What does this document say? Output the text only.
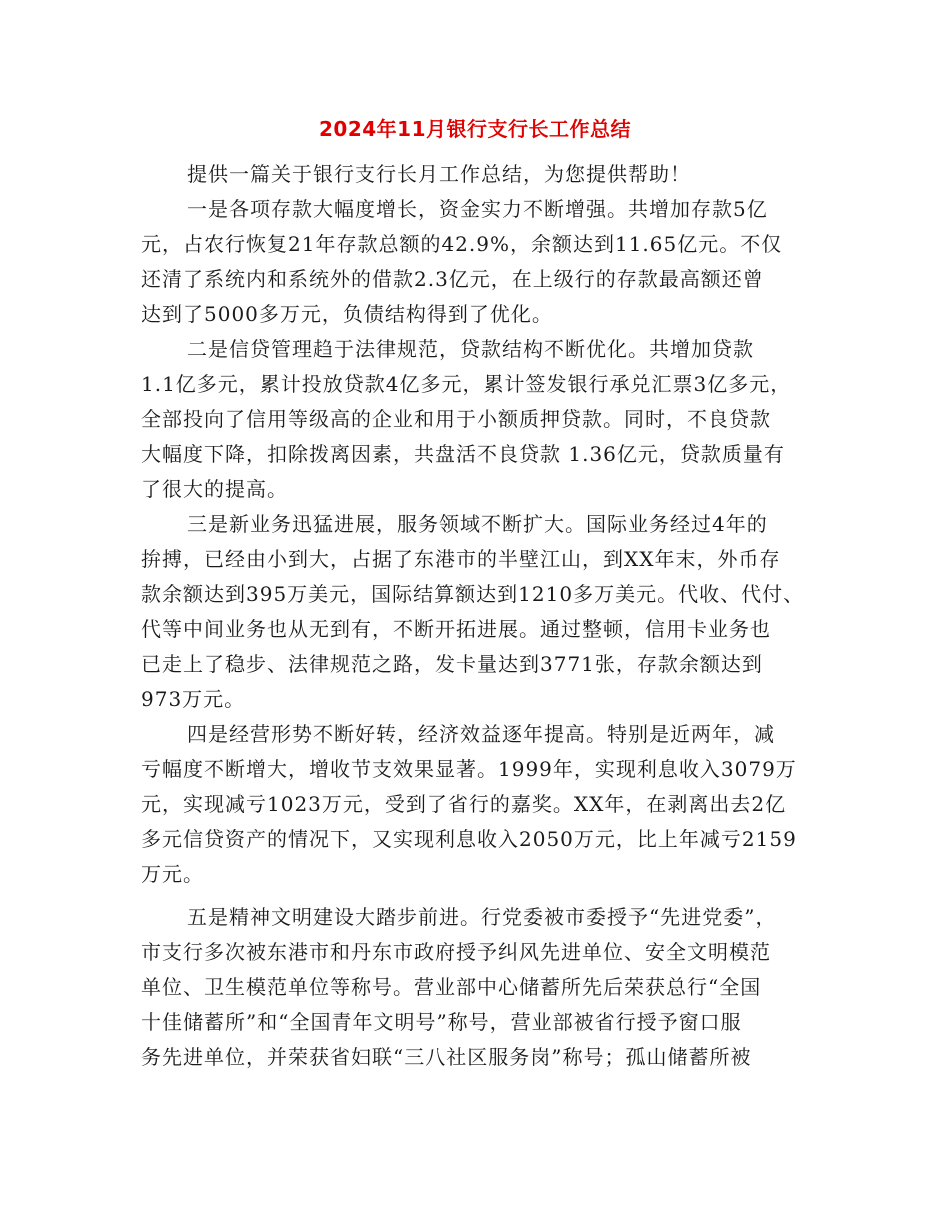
2024年11月银行支行长工作总结
提供一篇关于银行支行长月工作总结，为您提供帮助！
一是各项存款大幅度增长，资金实力不断增强。共增加存款5亿
元，占农行恢复21年存款总额的42.9%，余额达到11.65亿元。不仅
还清了系统内和系统外的借款2.3亿元，在上级行的存款最高额还曾
达到了5000多万元，负债结构得到了优化。
二是信贷管理趋于法律规范，贷款结构不断优化。共增加贷款
1.1亿多元，累计投放贷款4亿多元，累计签发银行承兑汇票3亿多元，
全部投向了信用等级高的企业和用于小额质押贷款。同时，不良贷款
大幅度下降，扣除拨离因素，共盘活不良贷款 1.36亿元，贷款质量有
了很大的提高。
三是新业务迅猛进展，服务领域不断扩大。国际业务经过4年的
拚搏，已经由小到大，占据了东港市的半壁江山，到XX年末，外币存
款余额达到395万美元，国际结算额达到1210多万美元。代收、代付、
代等中间业务也从无到有，不断开拓进展。通过整顿，信用卡业务也
已走上了稳步、法律规范之路，发卡量达到3771张，存款余额达到
973万元。
四是经营形势不断好转，经济效益逐年提高。特别是近两年，减
亏幅度不断增大，增收节支效果显著。1999年，实现利息收入3079万
元，实现减亏1023万元，受到了省行的嘉奖。XX年，在剥离出去2亿
多元信贷资产的情况下，又实现利息收入2050万元，比上年减亏2159
万元。
五是精神文明建设大踏步前进。行党委被市委授予“先进党委”，
市支行多次被东港市和丹东市政府授予纠风先进单位、安全文明模范
单位、卫生模范单位等称号。营业部中心储蓄所先后荣获总行“全国
十佳储蓄所”和“全国青年文明号”称号，营业部被省行授予窗口服
务先进单位，并荣获省妇联“三八社区服务岗”称号；孤山储蓄所被
